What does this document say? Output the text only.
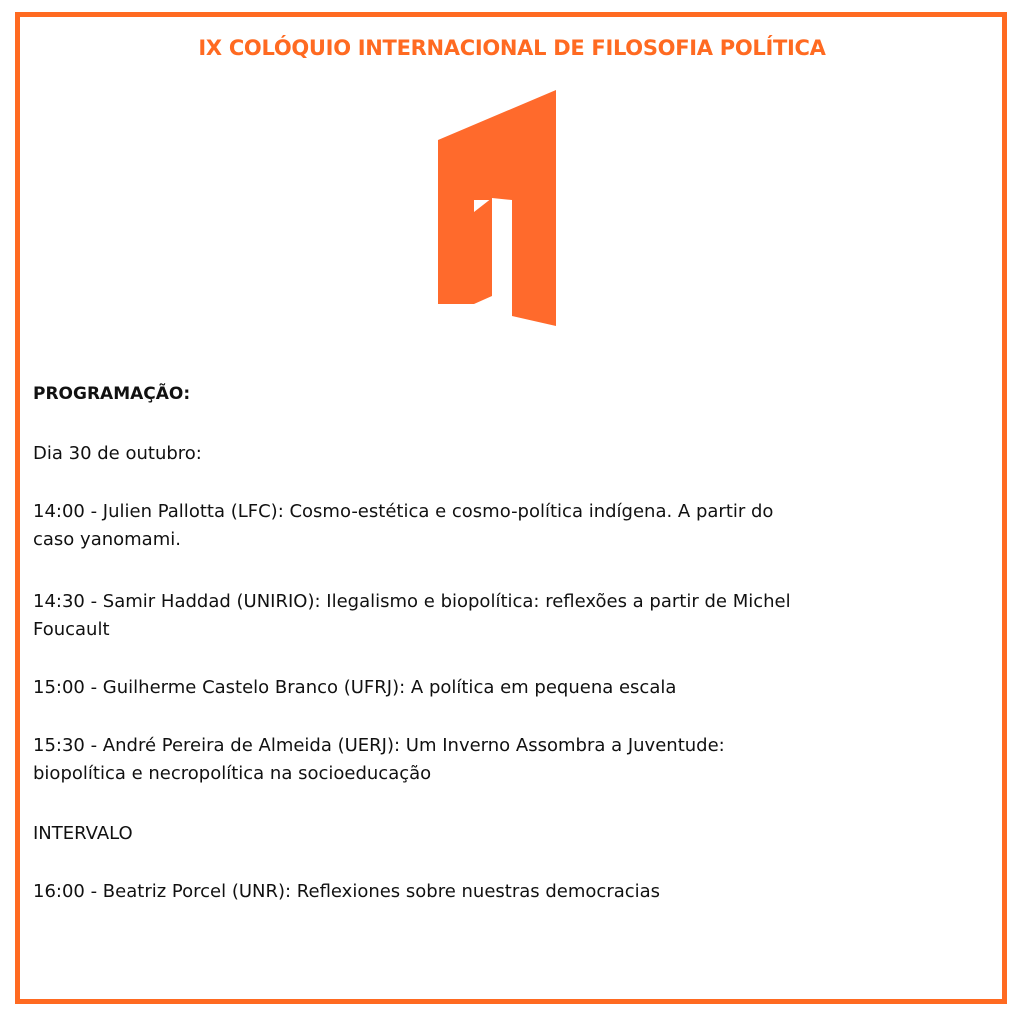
IX COLÓQUIO INTERNACIONAL DE FILOSOFIA POLÍTICA
PROGRAMAÇÃO:
Dia 30 de outubro:
14:00 - Julien Pallotta (LFC): Cosmo-estética e cosmo-política indígena. A partir do
caso yanomami.
14:30 - Samir Haddad (UNIRIO): Ilegalismo e biopolítica: reflexões a partir de Michel
Foucault
15:00 - Guilherme Castelo Branco (UFRJ): A política em pequena escala
15:30 - André Pereira de Almeida (UERJ): Um Inverno Assombra a Juventude:
biopolítica e necropolítica na socioeducação
INTERVALO
16:00 - Beatriz Porcel (UNR): Reflexiones sobre nuestras democracias
